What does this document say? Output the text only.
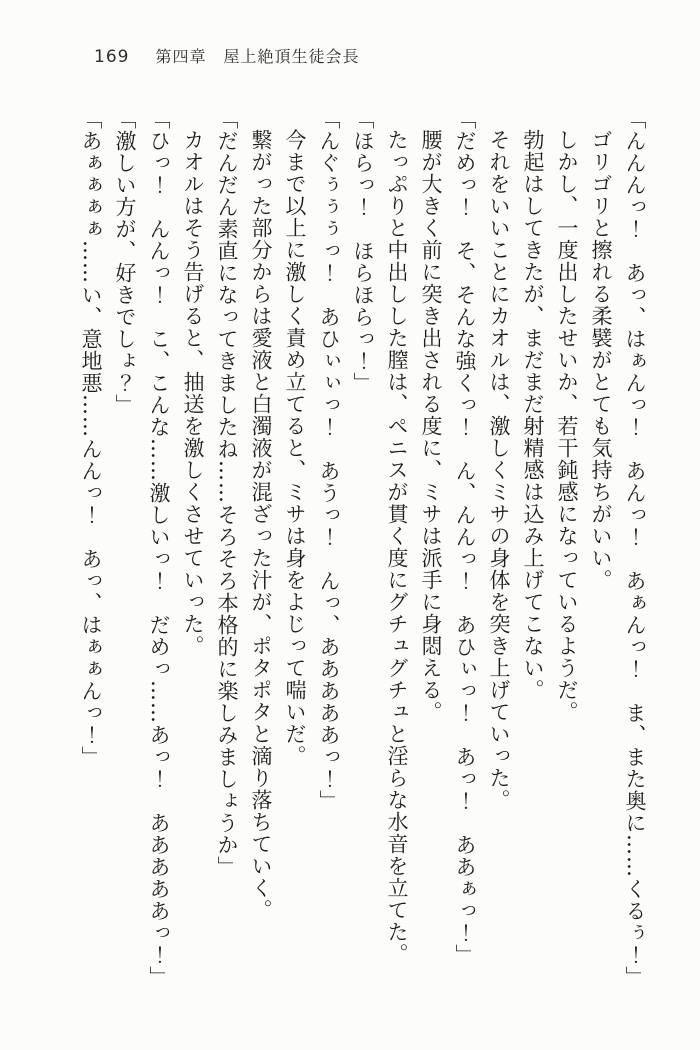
169 第四章　屋上絶頂生徒会長

「んんんっ！　あっ、はぁんっ！　あんっ！　あぁんっ！　ま、また奥に……くるぅ！」

ゴリゴリと擦れる柔襞がとても気持ちがいい。

しかし、一度出したせいか、若干鈍感になっているようだ。

勃起はしてきたが、まだまだ射精感は込み上げてこない。

それをいいことにカオルは、激しくミサの身体を突き上げていった。

「だめっ！　そ、そんな強くっ！　ん、んんっ！　あひぃっ！　あっ！　ああぁっ！」

腰が大きく前に突き出される度に、ミサは派手に身悶える。

たっぷりと中出しした膣は、ペニスが貫く度にグチュグチュと淫らな水音を立てた。

「ほらっ！　ほらほらっ！」

「んぐぅぅぅっ！　あひぃぃっ！　あうっ！　んっ、あああああっ！」

今まで以上に激しく責め立てると、ミサは身をよじって喘いだ。

繋がった部分からは愛液と白濁液が混ざった汁が、ポタポタと滴り落ちていく。

「だんだん素直になってきましたね……そろそろ本格的に楽しみましょうか」

カオルはそう告げると、抽送を激しくさせていった。

「ひっ！　んんっ！　こ、こんな……激しいっ！　だめっ……あっ！　あああああっ！」

「激しい方が、好きでしょ？」

「あぁぁぁぁ……い、意地悪……んんっ！　あっ、はぁぁんっ！」
